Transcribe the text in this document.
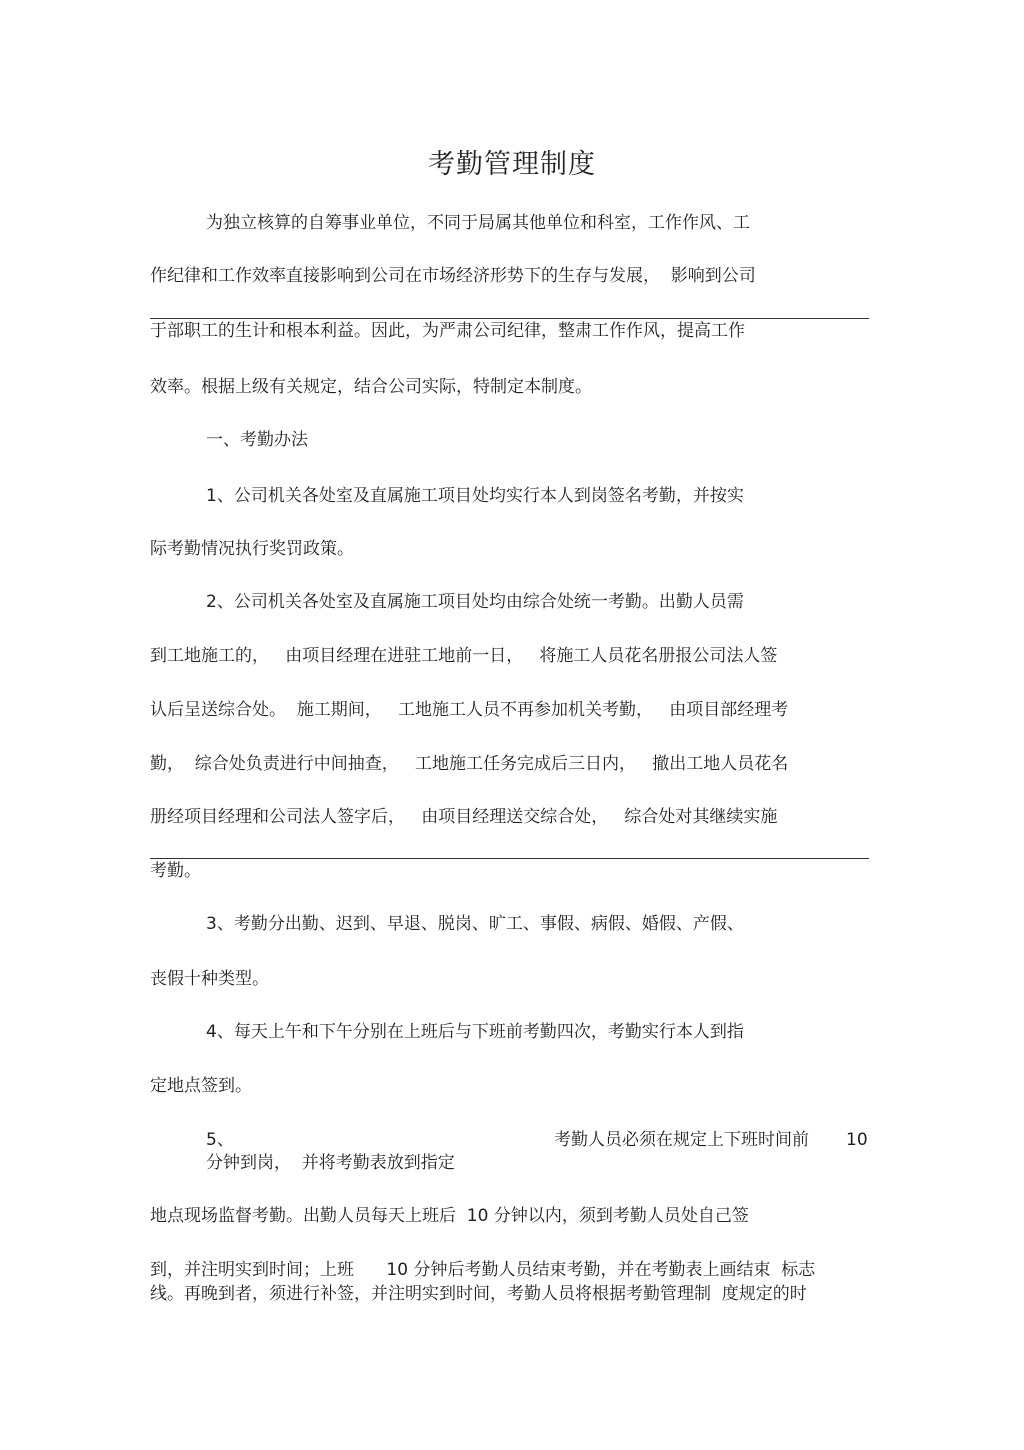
考勤管理制度
为独立核算的自筹事业单位，不同于局属其他单位和科室，工作作风、工
作纪律和工作效率直接影响到公司在市场经济形势下的生存与发展，  影响到公司
于部职工的生计和根本利益。因此，为严肃公司纪律，整肃工作作风，提高工作
效率。根据上级有关规定，结合公司实际，特制定本制度。
一、考勤办法
1、公司机关各处室及直属施工项目处均实行本人到岗签名考勤，并按实
际考勤情况执行奖罚政策。
2、公司机关各处室及直属施工项目处均由综合处统一考勤。出勤人员需
到工地施工的，   由项目经理在进驻工地前一日，   将施工人员花名册报公司法人签
认后呈送综合处。  施工期间，   工地施工人员不再参加机关考勤，   由项目部经理考
勤，  综合处负责进行中间抽查，   工地施工任务完成后三日内，   撤出工地人员花名
册经项目经理和公司法人签字后，   由项目经理送交综合处，   综合处对其继续实施
考勤。
3、考勤分出勤、迟到、早退、脱岗、旷工、事假、病假、婚假、产假、
丧假十种类型。
4、每天上午和下午分别在上班后与下班前考勤四次，考勤实行本人到指
定地点签到。
5、	考勤人员必须在规定上下班时间前 10
分钟到岗，  并将考勤表放到指定
地点现场监督考勤。出勤人员每天上班后  10 分钟以内，须到考勤人员处自己签
到，并注明实到时间；上班      10 分钟后考勤人员结束考勤，并在考勤表上画结束  标志
线。再晚到者，须进行补签，并注明实到时间，考勤人员将根据考勤管理制  度规定的时
